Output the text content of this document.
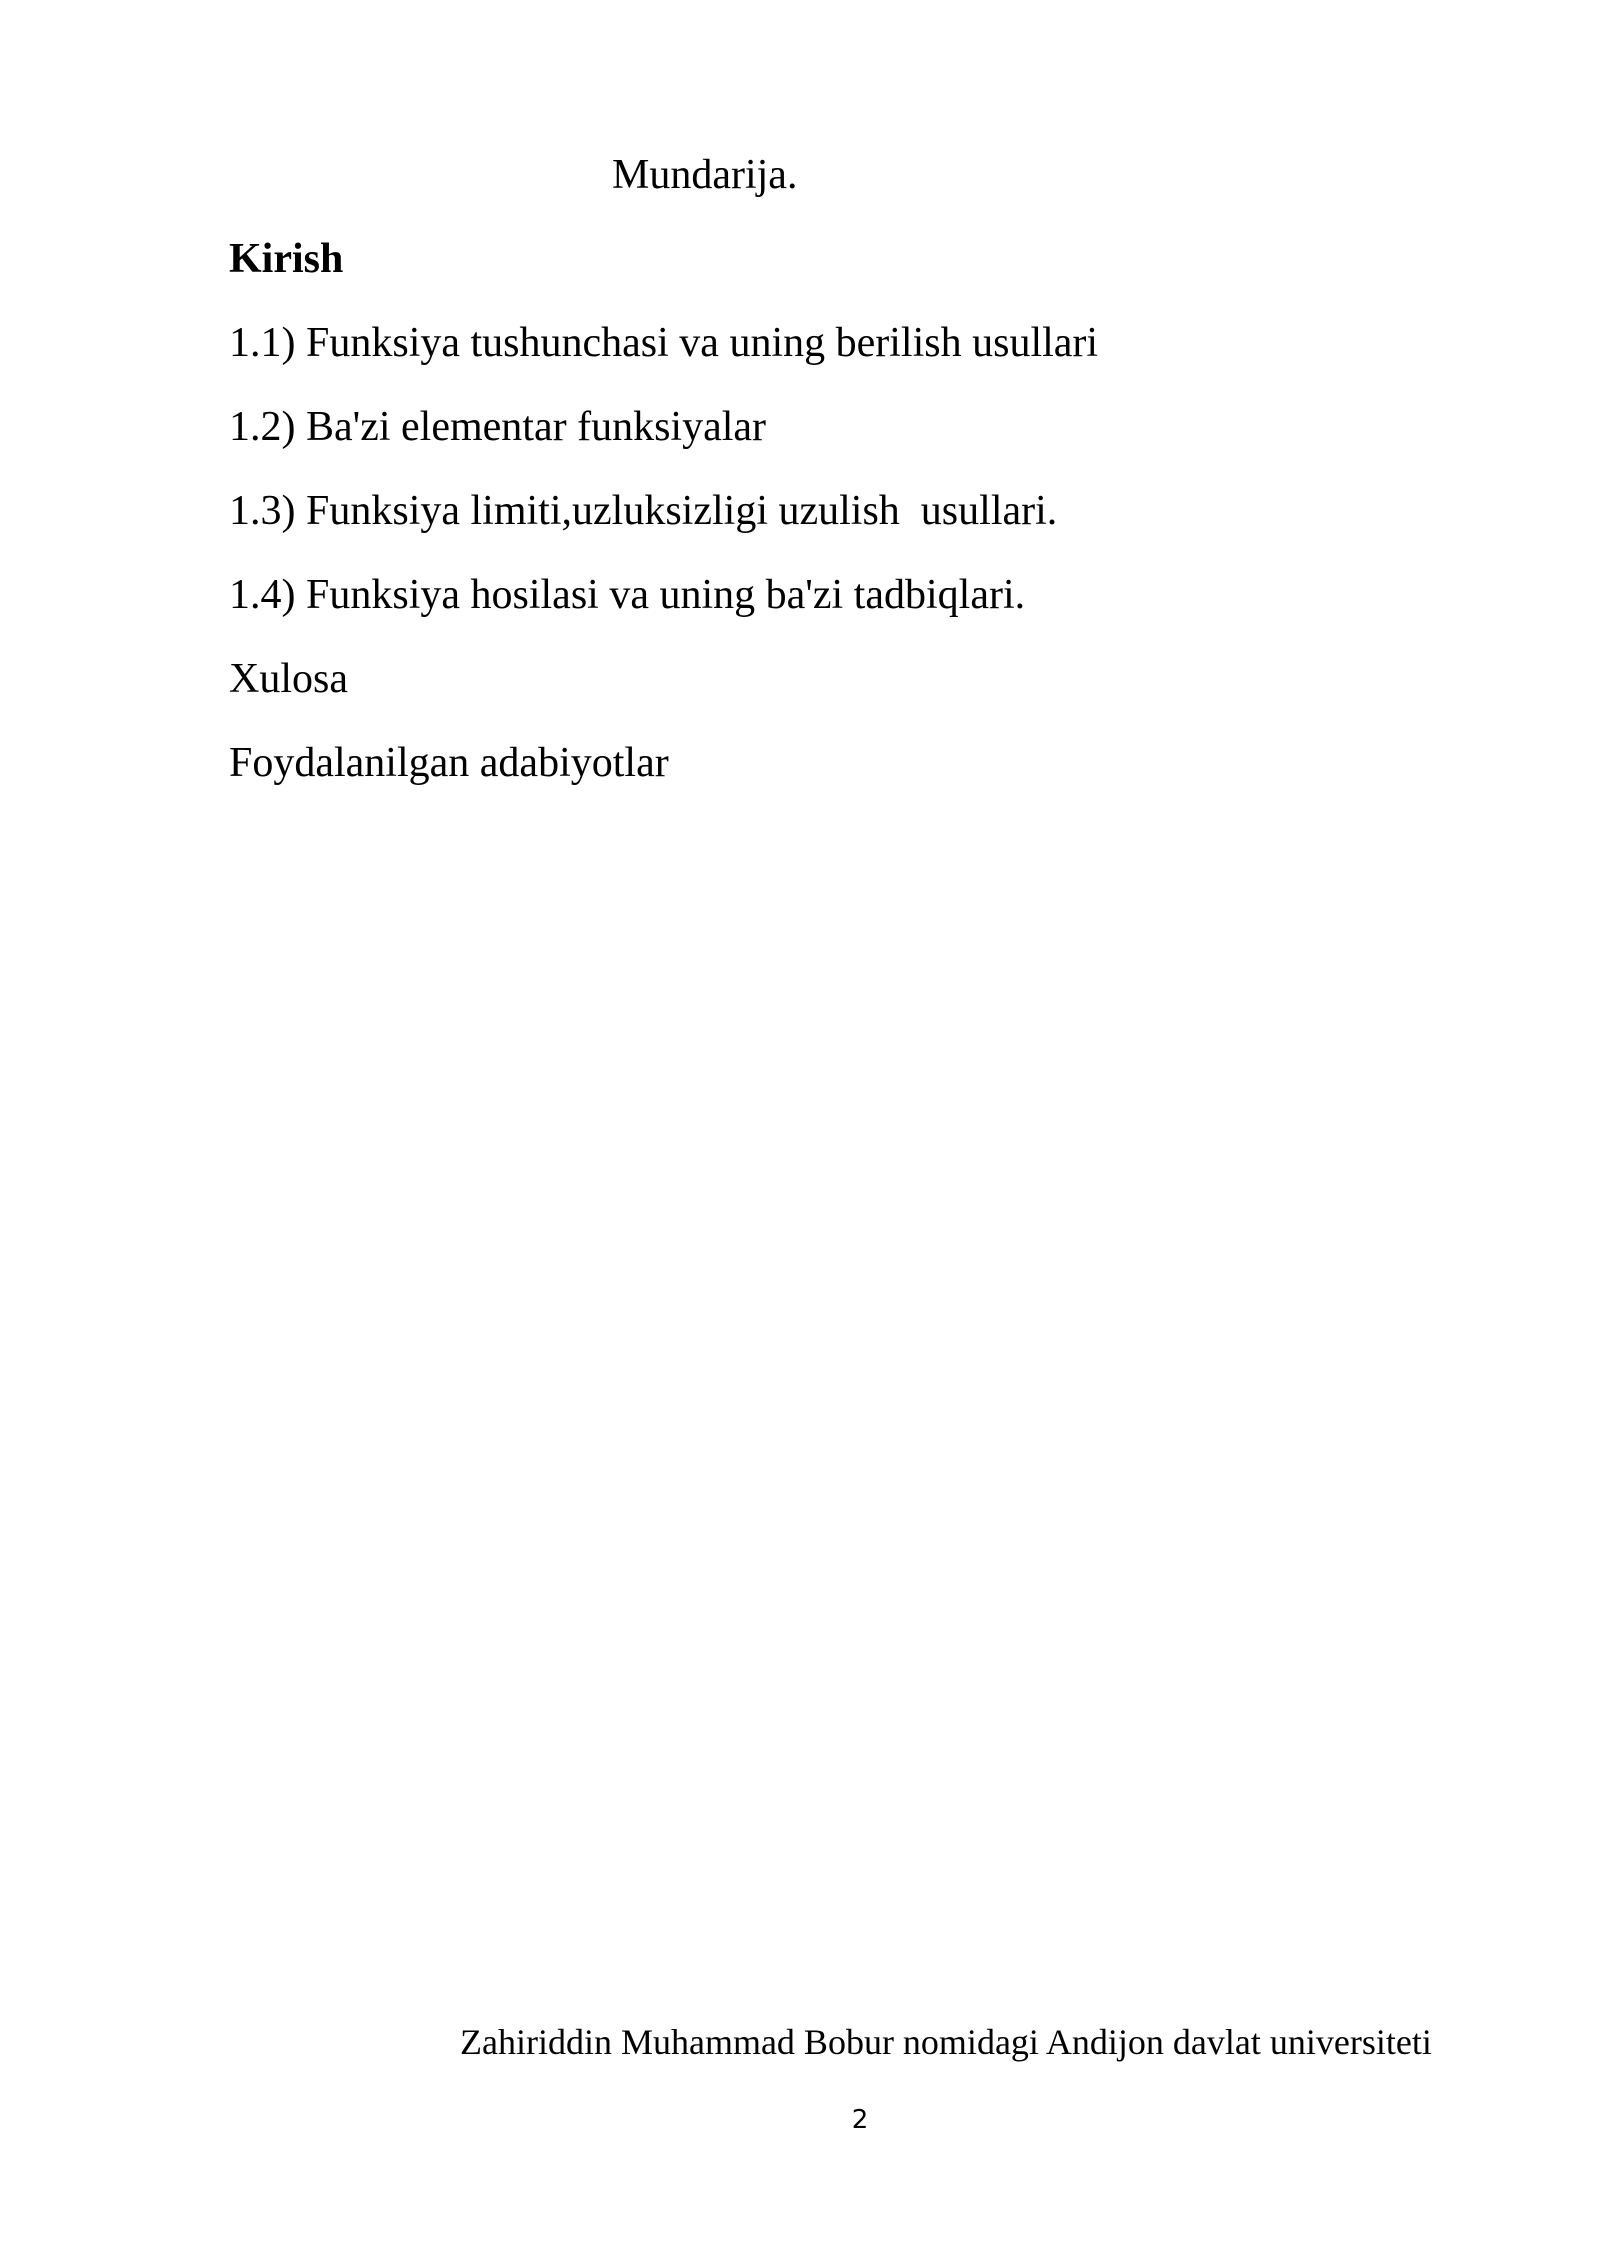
Mundarija.
Kirish
1.1) Funksiya tushunchasi va uning berilish usullari
1.2) Ba'zi elementar funksiyalar
1.3) Funksiya limiti,uzluksizligi uzulish  usullari.
1.4) Funksiya hosilasi va uning ba'zi tadbiqlari.
Xulosa
Foydalanilgan adabiyotlar
Zahiriddin Muhammad Bobur nomidagi Andijon davlat universiteti
2
